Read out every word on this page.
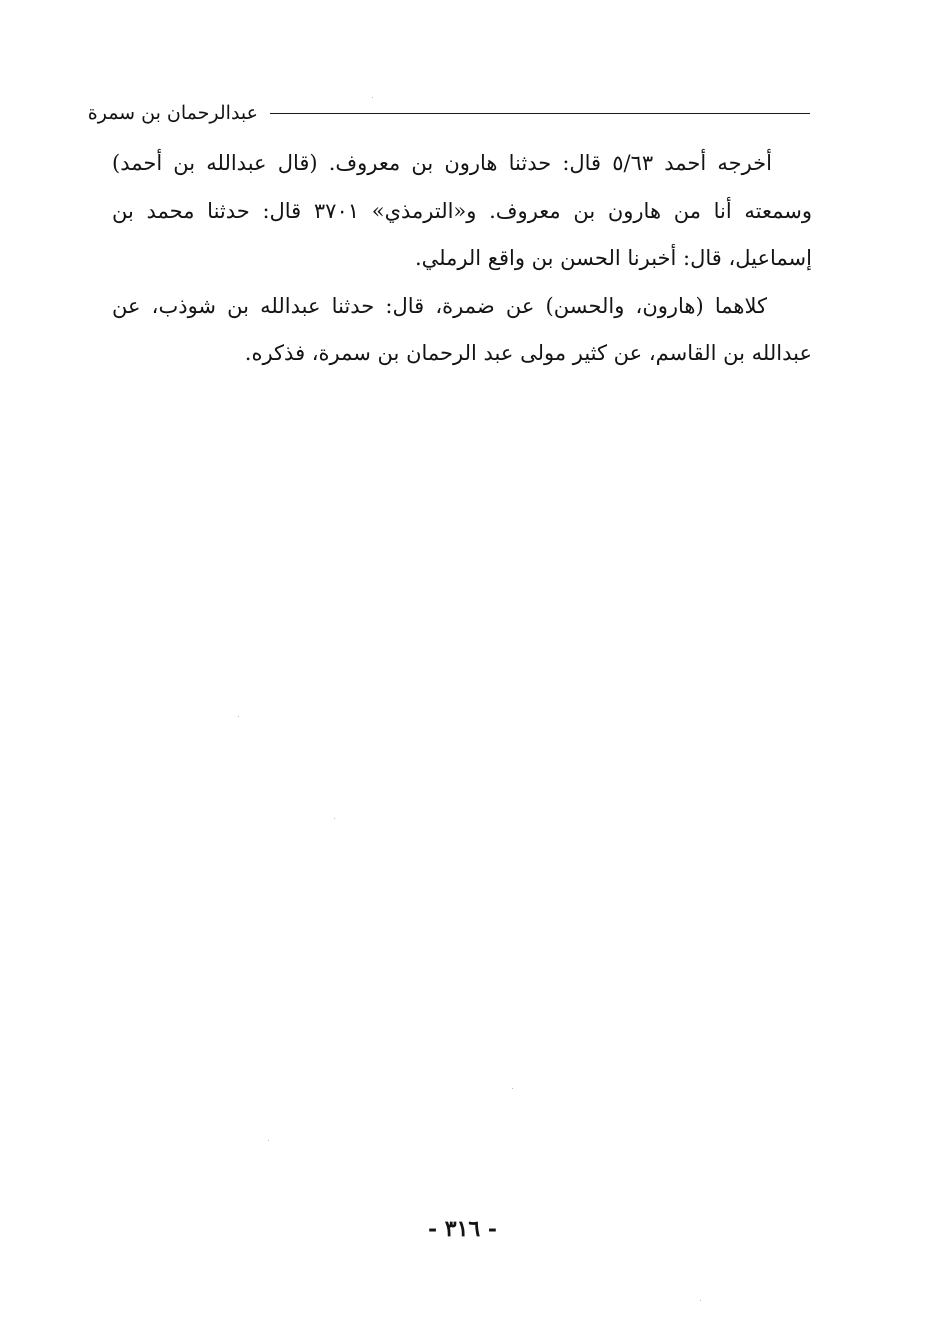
عبدالرحمان بن سمرة

أخرجه أحمد ٥/٦٣ قال: حدثنا هارون بن معروف. (قال عبدالله بن أحمد) وسمعته أنا من هارون بن معروف. و«الترمذي» ٣٧٠١ قال: حدثنا محمد بن إسماعيل، قال: أخبرنا الحسن بن واقع الرملي.

كلاهما (هارون، والحسن) عن ضمرة، قال: حدثنا عبدالله بن شوذب، عن عبدالله بن القاسم، عن كثير مولى عبد الرحمان بن سمرة، فذكره.

- ٣١٦ -
